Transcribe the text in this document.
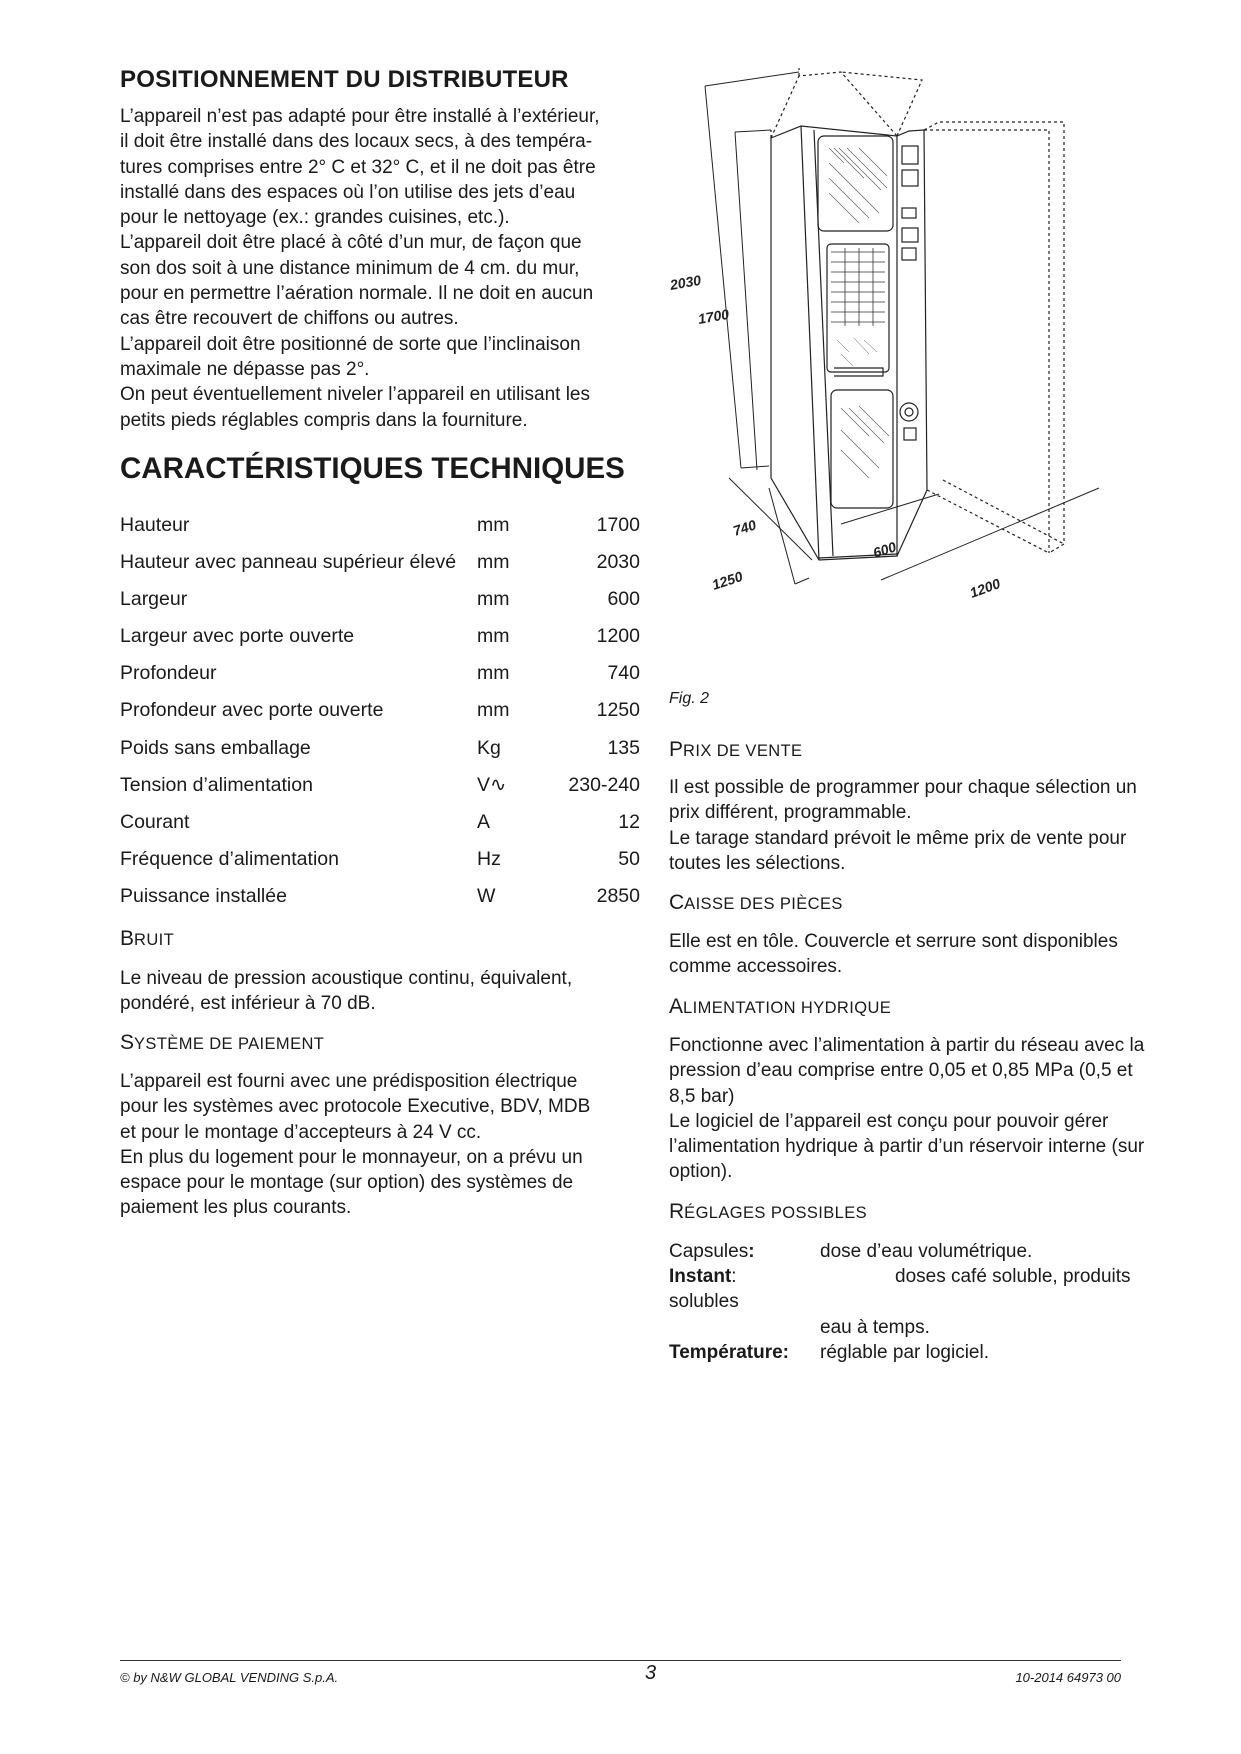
POSITIONNEMENT DU DISTRIBUTEUR
L’appareil n’est pas adapté pour être installé à l’extérieur,
il doit être installé dans des locaux secs, à des tempéra-
tures comprises entre 2° C et 32° C, et il ne doit pas être
installé dans des espaces où l’on utilise des jets d’eau
pour le nettoyage (ex.: grandes cuisines, etc.).
L’appareil doit être placé à côté d’un mur, de façon que
son dos soit à une distance minimum de 4 cm. du mur,
pour en permettre l’aération normale. Il ne doit en aucun
cas être recouvert de chiffons ou autres.
L’appareil doit être positionné de sorte que l’inclinaison
maximale ne dépasse pas 2°.
On peut éventuellement niveler l’appareil en utilisant les
petits pieds réglables compris dans la fourniture.
CARACTÉRISTIQUES TECHNIQUES
Hauteur	mm	1700
Hauteur avec panneau supérieur élevé mm	2030
Largeur	mm	600
Largeur avec porte ouverte	mm	1200
Profondeur	mm	740
Profondeur avec porte ouverte	mm	1250
Poids sans emballage	Kg	135
Tension d’alimentation	V∿	230-240
Courant	A	12
Fréquence d’alimentation	Hz	50
Puissance installée	W	2850
BRUIT
Le niveau de pression acoustique continu, équivalent,
pondéré, est inférieur à 70 dB.
SYSTÈME DE PAIEMENT
L’appareil est fourni avec une prédisposition électrique
pour les systèmes avec protocole Executive, BDV, MDB
et pour le montage d’accepteurs à 24 V cc.
En plus du logement pour le monnayeur, on a prévu un
espace pour le montage (sur option) des systèmes de
paiement les plus courants.
2030
1700
740
1250
600
1200
Fig. 2
PRIX DE VENTE
Il est possible de programmer pour chaque sélection un
prix différent, programmable.
Le tarage standard prévoit le même prix de vente pour
toutes les sélections.
CAISSE DES PIÈCES
Elle est en tôle. Couvercle et serrure sont disponibles
comme accessoires.
ALIMENTATION HYDRIQUE
Fonctionne avec l’alimentation à partir du réseau avec la
pression d’eau comprise entre 0,05 et 0,85 MPa (0,5 et
8,5 bar)
Le logiciel de l’appareil est conçu pour pouvoir gérer
l’alimentation hydrique à partir d’un réservoir interne (sur
option).
RÉGLAGES POSSIBLES
Capsules:	dose d’eau volumétrique.
Instant:	doses café soluble, produits
solubles
eau à temps.
Température: réglable par logiciel.
© by N&W GLOBAL VENDING S.p.A.	3	10-2014 64973 00
